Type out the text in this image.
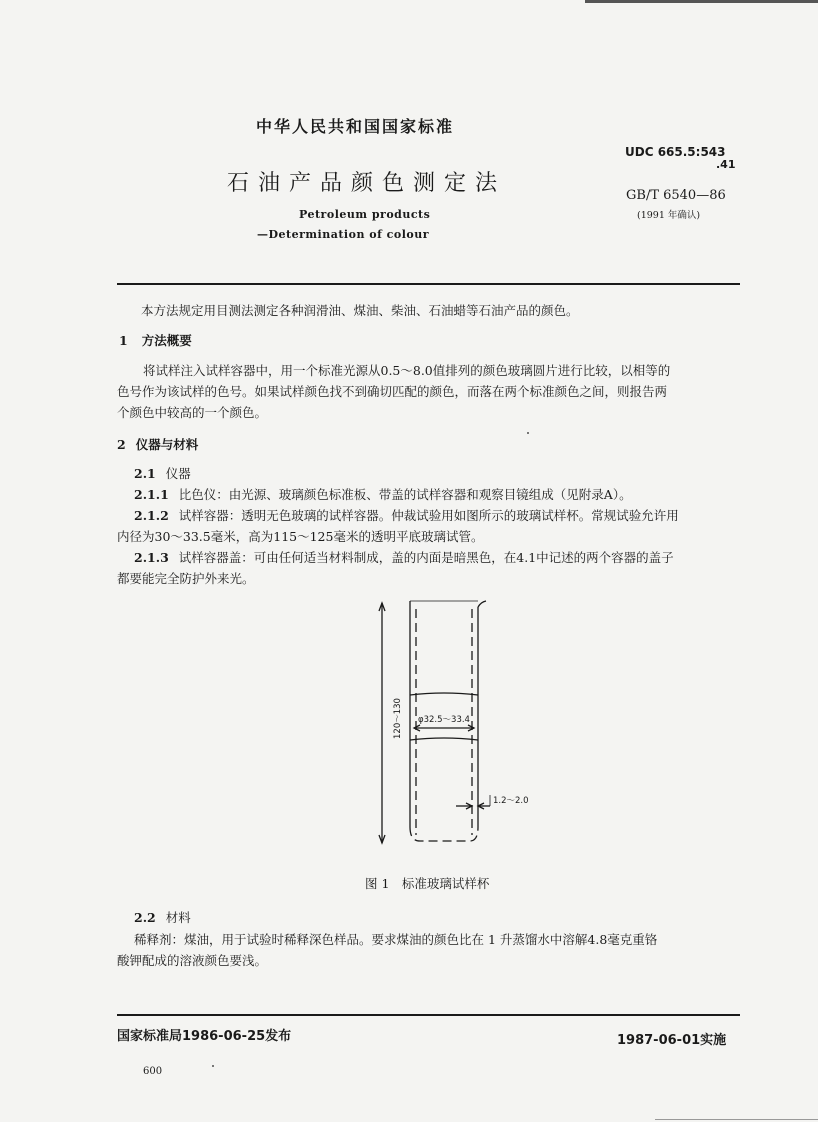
中华人民共和国国家标准

石油产品颜色测定法

Petroleum products

—Determination of colour

UDC 665.5:543

.41

GB/T 6540—86

(1991 年确认)

本方法规定用目测法测定各种润滑油、煤油、柴油、石油蜡等石油产品的颜色。

1 方法概要

将试样注入试样容器中，用一个标准光源从0.5～8.0值排列的颜色玻璃圆片进行比较，以相等的

色号作为该试样的色号。如果试样颜色找不到确切匹配的颜色，而落在两个标准颜色之间，则报告两

个颜色中较高的一个颜色。

2 仪器与材料

2.1 仪器

2.1.1 比色仪：由光源、玻璃颜色标准板、带盖的试样容器和观察目镜组成（见附录A）。

2.1.2 试样容器：透明无色玻璃的试样容器。仲裁试验用如图所示的玻璃试样杯。常规试验允许用

内径为30～33.5毫米，高为115～125毫米的透明平底玻璃试管。

2.1.3 试样容器盖：可由任何适当材料制成，盖的内面是暗黑色，在4.1中记述的两个容器的盖子

都要能完全防护外来光。

120～130 φ32.5～33.4
1.2～2.0

图 1　标准玻璃试样杯

2.2 材料

稀释剂：煤油，用于试验时稀释深色样品。要求煤油的颜色比在 1 升蒸馏水中溶解4.8毫克重铬

酸钾配成的溶液颜色要浅。

国家标准局1986-06-25发布	1987-06-01实施

600
